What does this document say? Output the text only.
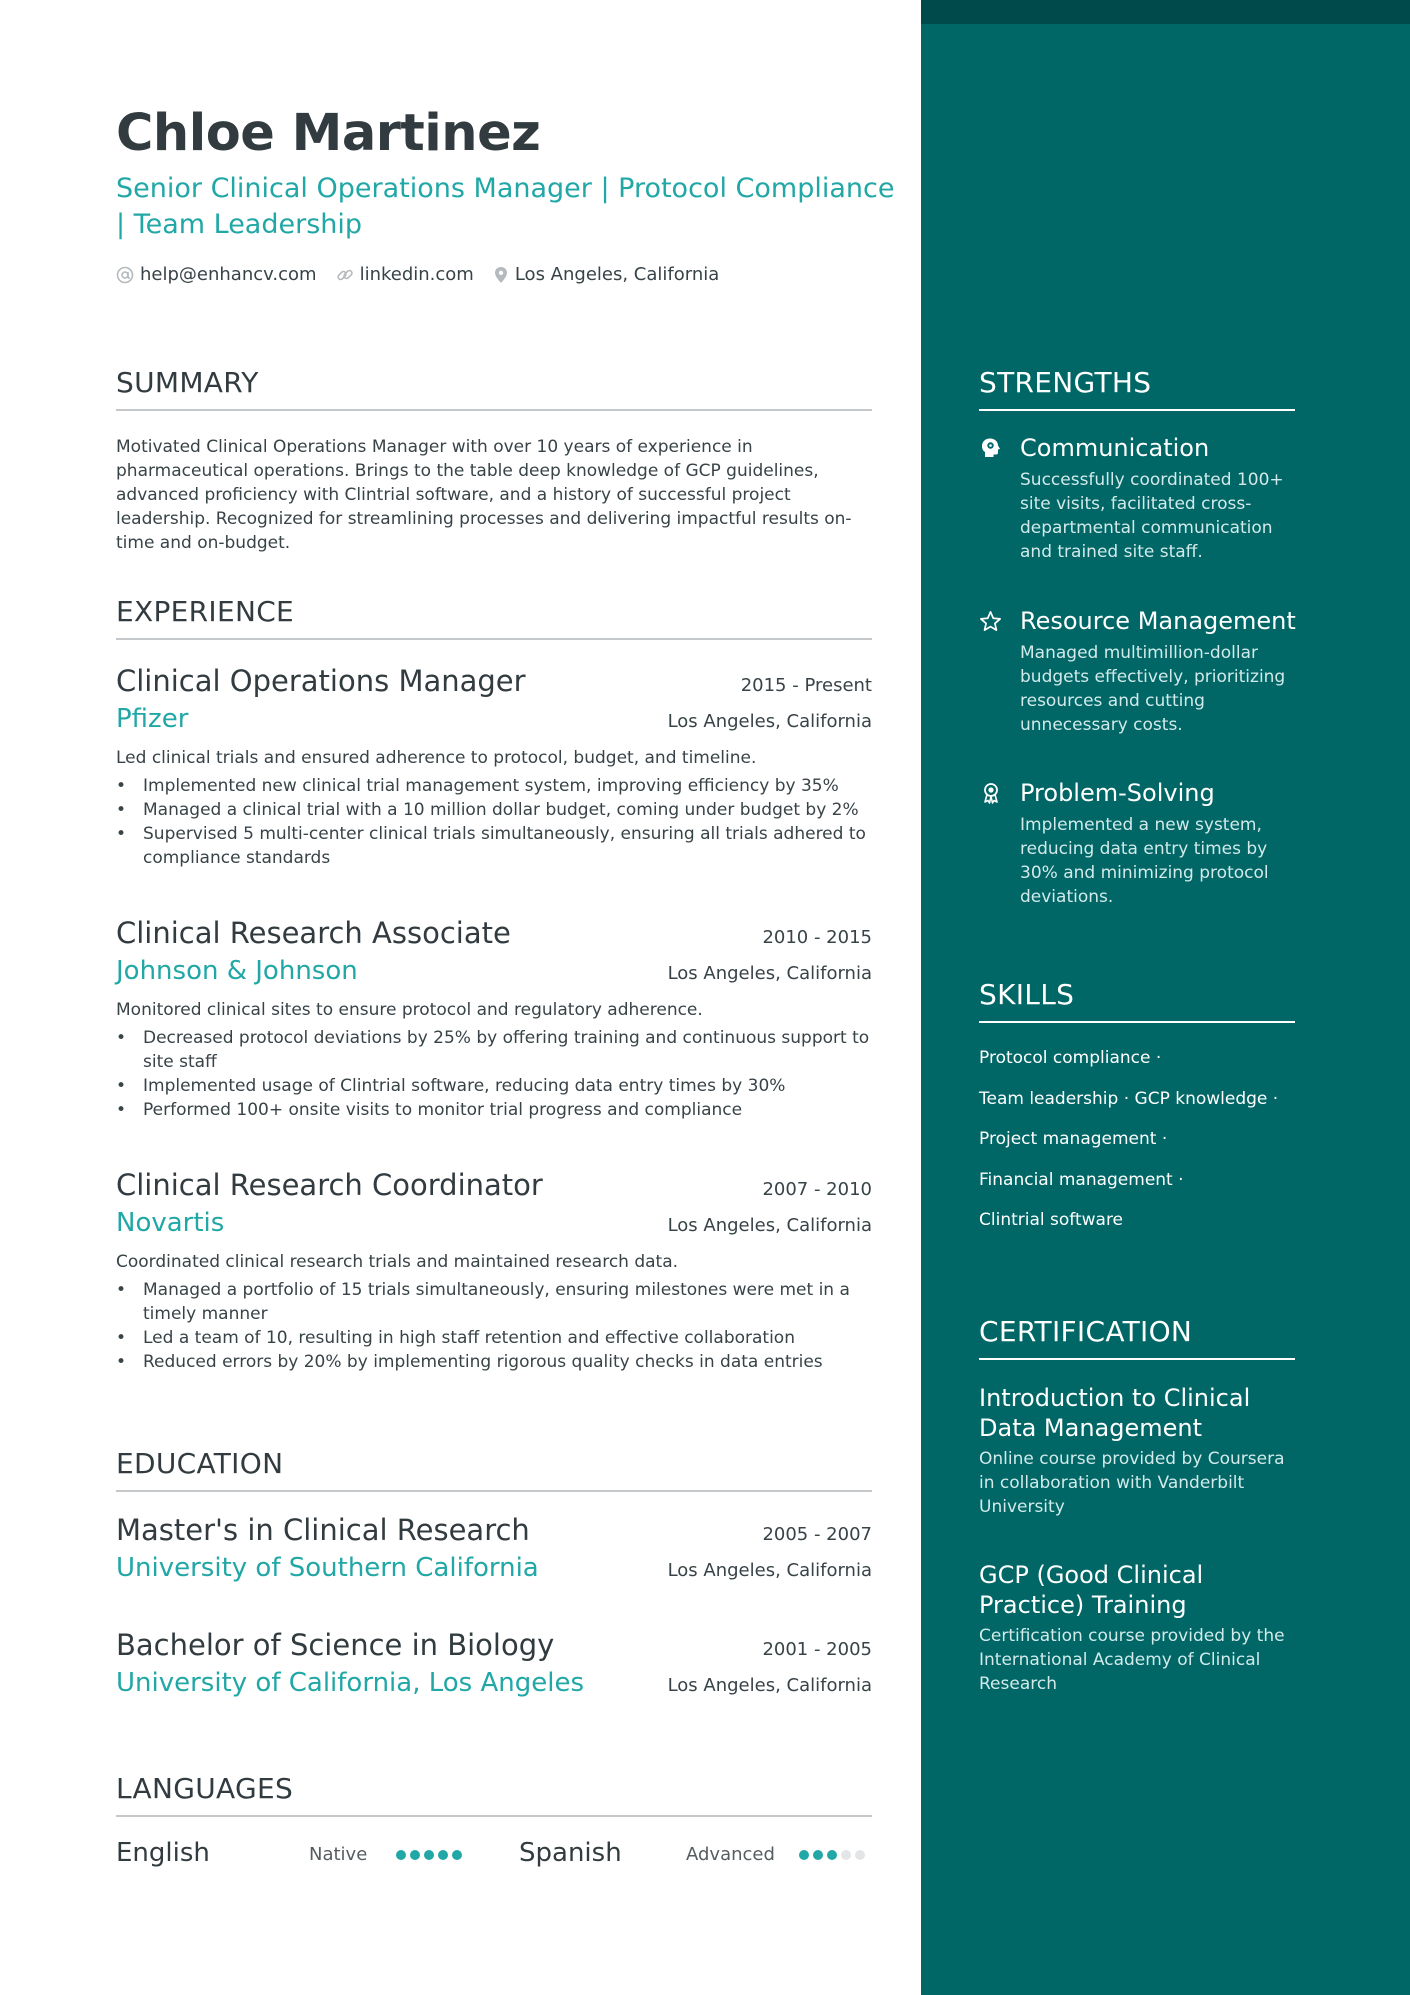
Chloe Martinez
Senior Clinical Operations Manager | Protocol Compliance | Team Leadership
help@enhancv.com linkedin.com Los Angeles, California
SUMMARY
Motivated Clinical Operations Manager with over 10 years of experience in pharmaceutical operations. Brings to the table deep knowledge of GCP guidelines, advanced proficiency with Clintrial software, and a history of successful project leadership. Recognized for streamlining processes and delivering impactful results on-time and on-budget.
EXPERIENCE
Clinical Operations Manager	2015 - Present
Pfizer	Los Angeles, California
Led clinical trials and ensured adherence to protocol, budget, and timeline.
• Implemented new clinical trial management system, improving efficiency by 35%
• Managed a clinical trial with a 10 million dollar budget, coming under budget by 2%
• Supervised 5 multi-center clinical trials simultaneously, ensuring all trials adhered to compliance standards
Clinical Research Associate	2010 - 2015
Johnson & Johnson	Los Angeles, California
Monitored clinical sites to ensure protocol and regulatory adherence.
• Decreased protocol deviations by 25% by offering training and continuous support to site staff
• Implemented usage of Clintrial software, reducing data entry times by 30%
• Performed 100+ onsite visits to monitor trial progress and compliance
Clinical Research Coordinator	2007 - 2010
Novartis	Los Angeles, California
Coordinated clinical research trials and maintained research data.
• Managed a portfolio of 15 trials simultaneously, ensuring milestones were met in a timely manner
• Led a team of 10, resulting in high staff retention and effective collaboration
• Reduced errors by 20% by implementing rigorous quality checks in data entries
EDUCATION
Master's in Clinical Research	2005 - 2007
University of Southern California	Los Angeles, California
Bachelor of Science in Biology	2001 - 2005
University of California, Los Angeles	Los Angeles, California
LANGUAGES
English	Native	Spanish	Advanced
STRENGTHS
Communication
Successfully coordinated 100+ site visits, facilitated cross-departmental communication and trained site staff.
Resource Management
Managed multimillion-dollar budgets effectively, prioritizing resources and cutting unnecessary costs.
Problem-Solving
Implemented a new system, reducing data entry times by 30% and minimizing protocol deviations.
SKILLS
Protocol compliance ·
Team leadership · GCP knowledge ·
Project management ·
Financial management ·
Clintrial software
CERTIFICATION
Introduction to Clinical Data Management
Online course provided by Coursera in collaboration with Vanderbilt University
GCP (Good Clinical Practice) Training
Certification course provided by the International Academy of Clinical Research
